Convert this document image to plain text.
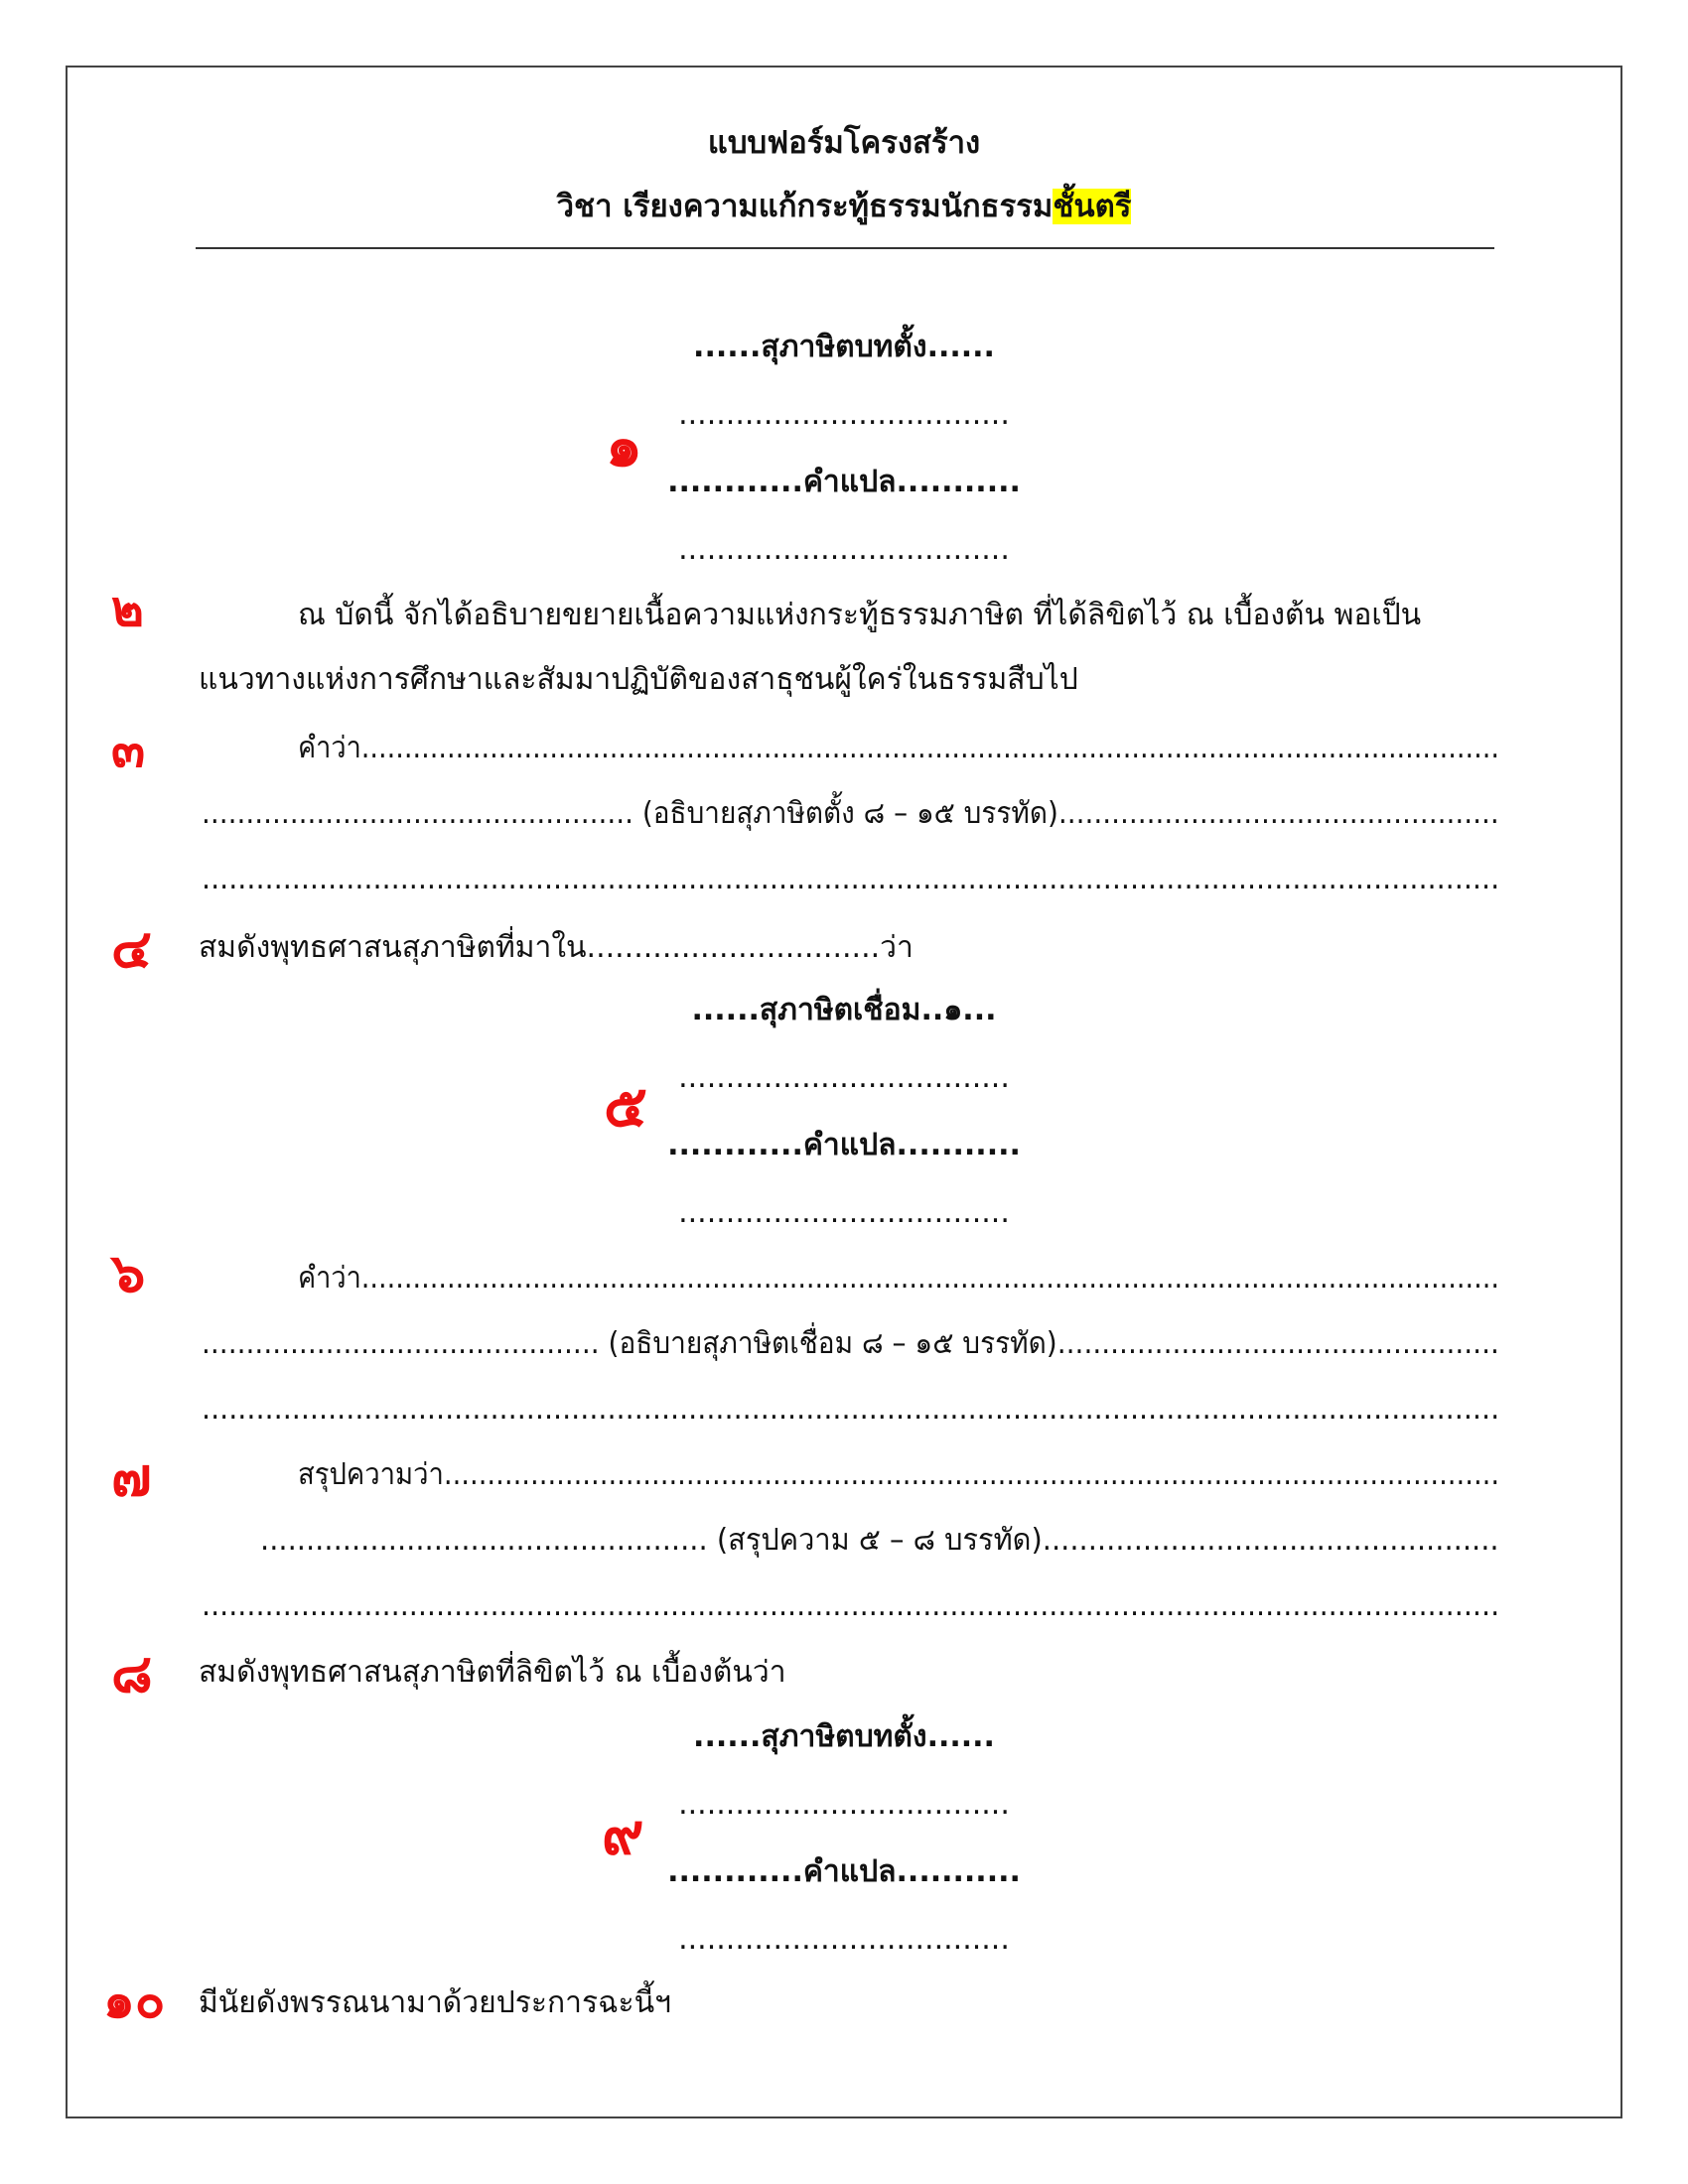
แบบฟอร์มโครงสร้าง
วิชา เรียงความแก้กระทู้ธรรมนักธรรมชั้นตรี
......สุภาษิตบทตั้ง......
...................................
............คำแปล...........
...................................
๑
๒	ณ บัดนี้ จักได้อธิบายขยายเนื้อความแห่งกระทู้ธรรมภาษิต ที่ได้ลิขิตไว้ ณ เบื้องต้น พอเป็น
แนวทางแห่งการศึกษาและสัมมาปฏิบัติของสาธุชนผู้ใคร่ในธรรมสืบไป
๓	คำว่า.....................................................................................................................................
................................................. (อธิบายสุภาษิตตั้ง ๘ – ๑๕ บรรทัด)..................................................
................................................................................................................................................
๔ สมดังพุทธศาสนสุภาษิตที่มาใน...............................ว่า
......สุภาษิตเชื่อม..๑...
...................................
............คำแปล...........
...................................
๕
๖	คำว่า.....................................................................................................................................
............................................. (อธิบายสุภาษิตเชื่อม ๘ – ๑๕ บรรทัด)..................................................
................................................................................................................................................
๗	สรุปความว่า..........................................................................................................................
................................................. (สรุปความ ๕ – ๘ บรรทัด)..................................................
................................................................................................................................................
๘ สมดังพุทธศาสนสุภาษิตที่ลิขิตไว้ ณ เบื้องต้นว่า
......สุภาษิตบทตั้ง......
...................................
............คำแปล...........
...................................
๙
๑๐ มีนัยดังพรรณนามาด้วยประการฉะนี้ฯ
